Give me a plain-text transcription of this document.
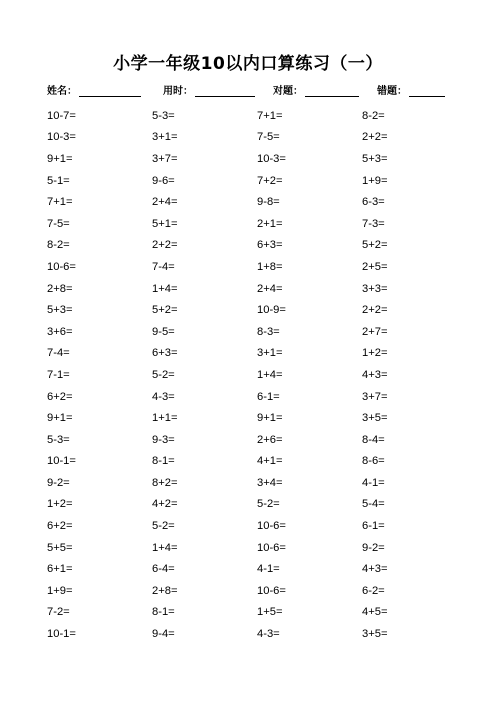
小学一年级10以内口算练习（一）
姓名：	用时：	对题：	错题：
10-7=	5-3=	7+1=	8-2=
10-3=	3+1=	7-5=	2+2=
9+1=	3+7=	10-3=	5+3=
5-1=	9-6=	7+2=	1+9=
7+1=	2+4=	9-8=	6-3=
7-5=	5+1=	2+1=	7-3=
8-2=	2+2=	6+3=	5+2=
10-6=	7-4=	1+8=	2+5=
2+8=	1+4=	2+4=	3+3=
5+3=	5+2=	10-9=	2+2=
3+6=	9-5=	8-3=	2+7=
7-4=	6+3=	3+1=	1+2=
7-1=	5-2=	1+4=	4+3=
6+2=	4-3=	6-1=	3+7=
9+1=	1+1=	9+1=	3+5=
5-3=	9-3=	2+6=	8-4=
10-1=	8-1=	4+1=	8-6=
9-2=	8+2=	3+4=	4-1=
1+2=	4+2=	5-2=	5-4=
6+2=	5-2=	10-6=	6-1=
5+5=	1+4=	10-6=	9-2=
6+1=	6-4=	4-1=	4+3=
1+9=	2+8=	10-6=	6-2=
7-2=	8-1=	1+5=	4+5=
10-1=	9-4=	4-3=	3+5=
